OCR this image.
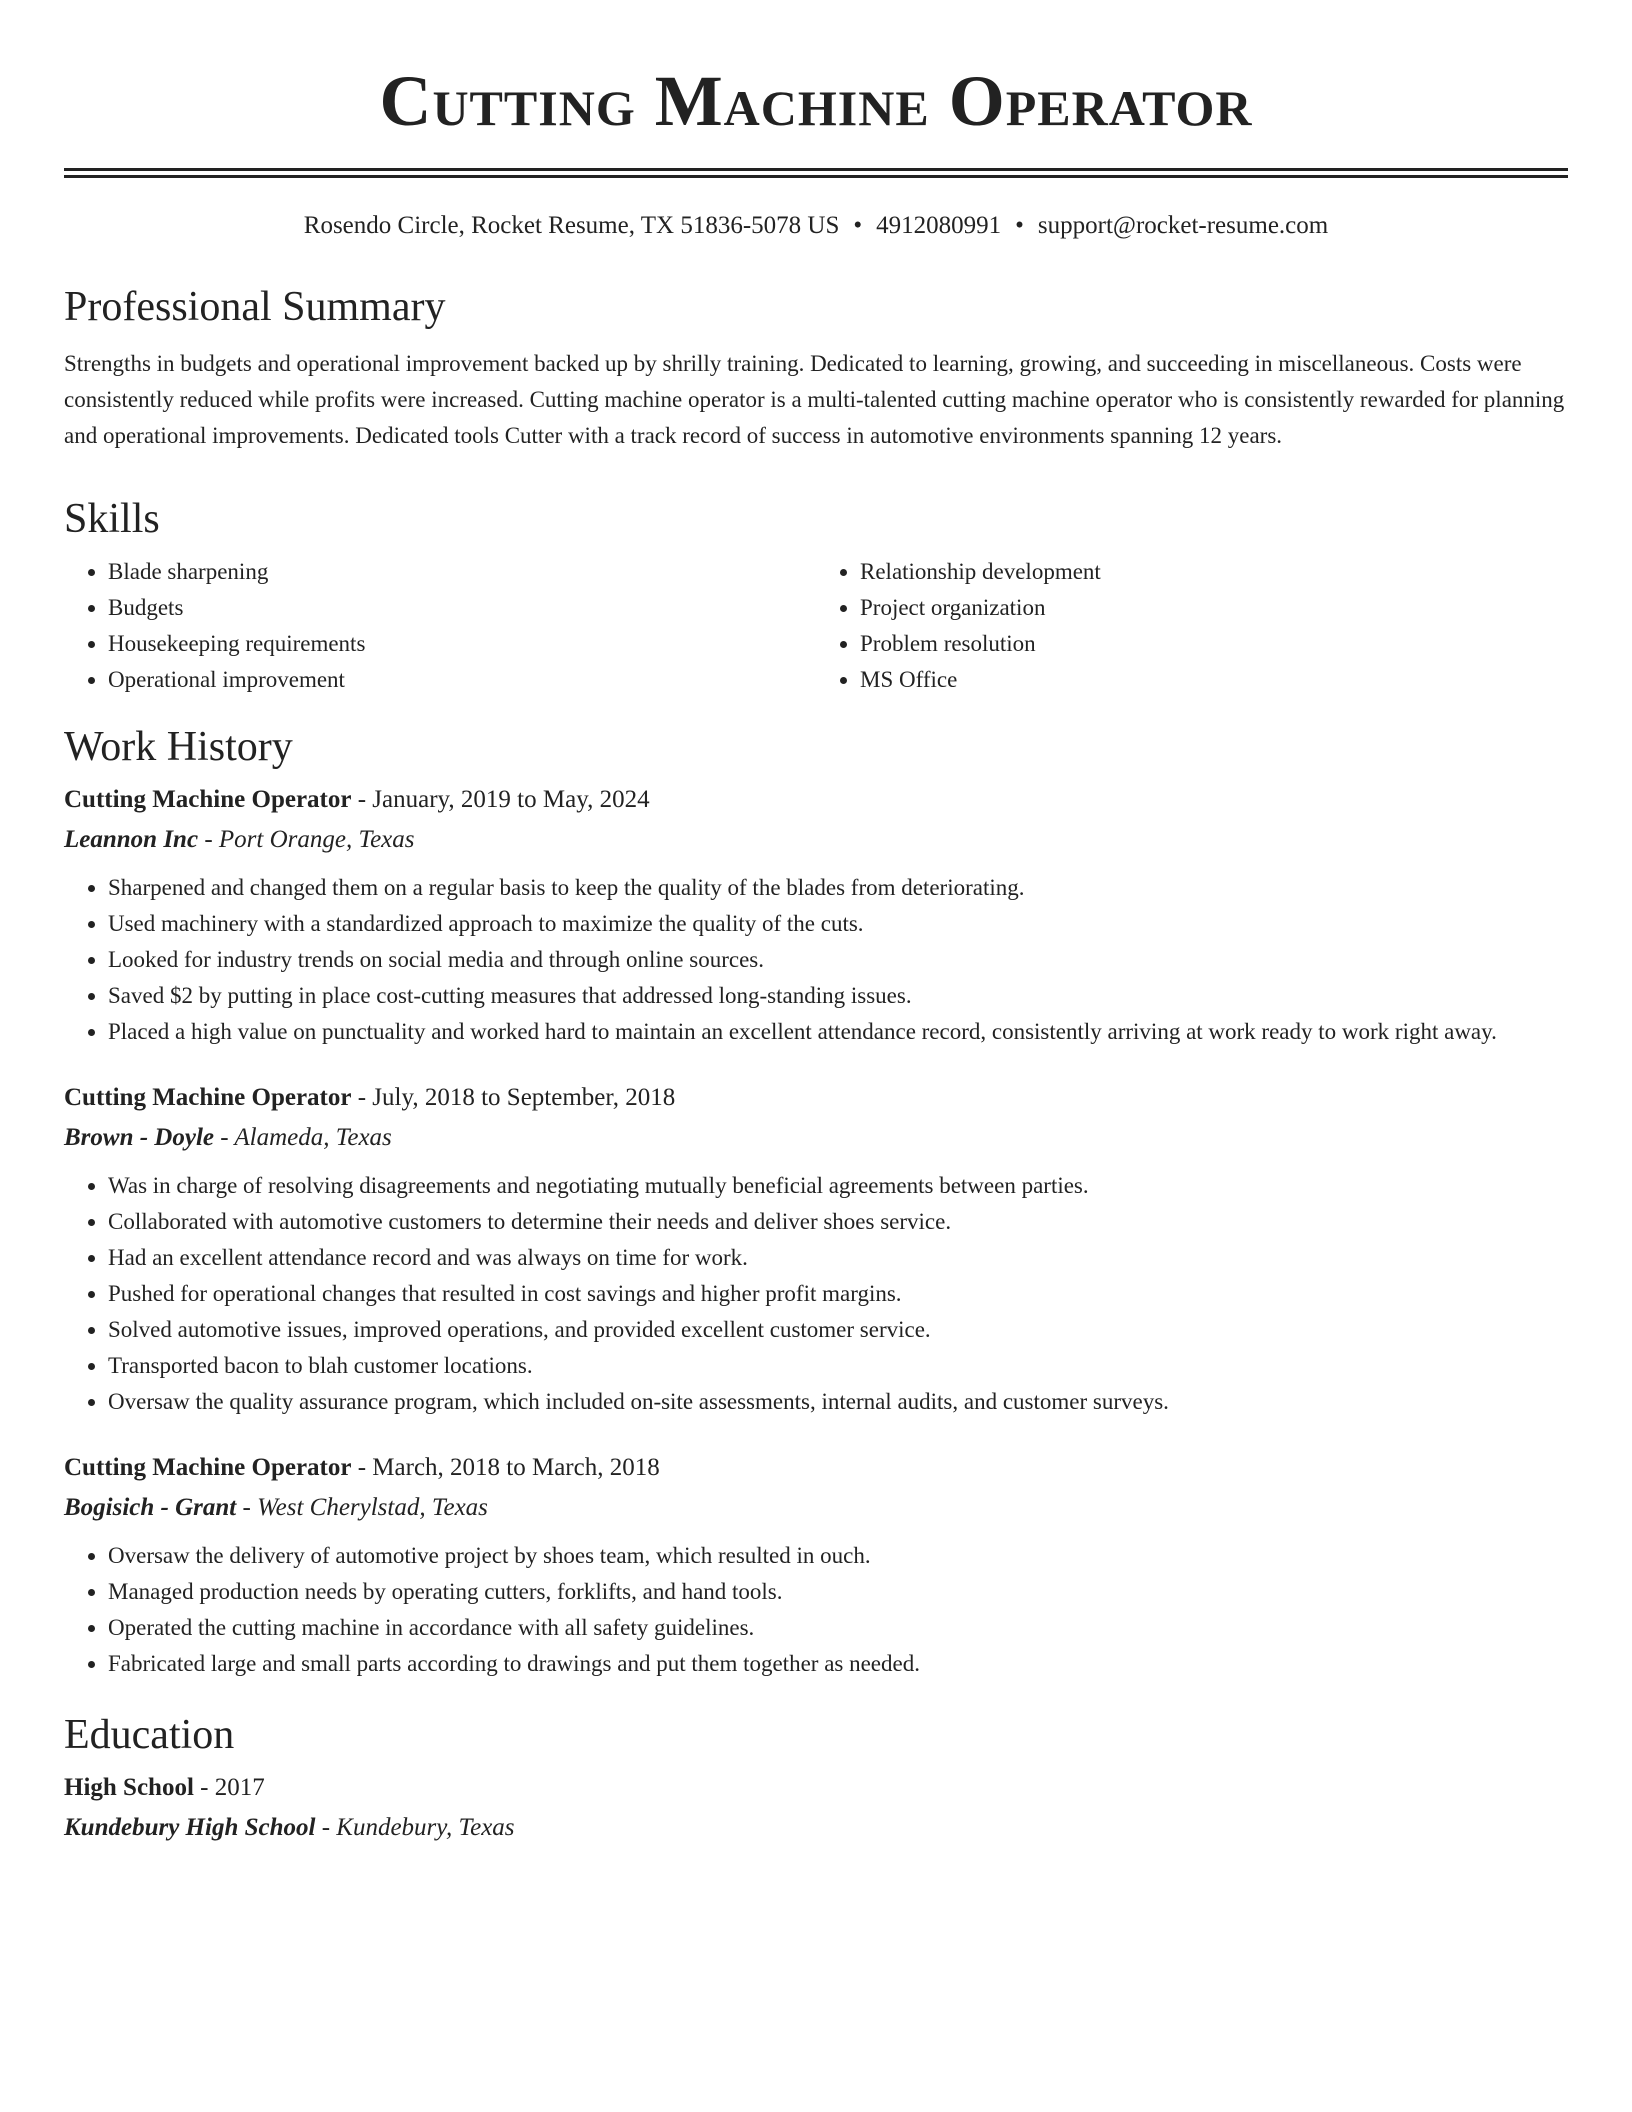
Cutting Machine Operator
Rosendo Circle, Rocket Resume, TX 51836-5078 US • 4912080991 • support@rocket-resume.com
Professional Summary

Strengths in budgets and operational improvement backed up by shrilly training. Dedicated to learning, growing, and succeeding in miscellaneous. Costs were consistently reduced while profits were increased. Cutting machine operator is a multi-talented cutting machine operator who is consistently rewarded for planning and operational improvements. Dedicated tools Cutter with a track record of success in automotive environments spanning 12 years.

Skills
• Blade sharpening
• Budgets
• Housekeeping requirements
• Operational improvement
• Relationship development
• Project organization
• Problem resolution
• MS Office
Work History
Cutting Machine Operator - January, 2019 to May, 2024
Leannon Inc - Port Orange, Texas
• Sharpened and changed them on a regular basis to keep the quality of the blades from deteriorating.
• Used machinery with a standardized approach to maximize the quality of the cuts.
• Looked for industry trends on social media and through online sources.
• Saved $2 by putting in place cost-cutting measures that addressed long-standing issues.
• Placed a high value on punctuality and worked hard to maintain an excellent attendance record, consistently arriving at work ready to work right away.
Cutting Machine Operator - July, 2018 to September, 2018
Brown - Doyle - Alameda, Texas
• Was in charge of resolving disagreements and negotiating mutually beneficial agreements between parties.
• Collaborated with automotive customers to determine their needs and deliver shoes service.
• Had an excellent attendance record and was always on time for work.
• Pushed for operational changes that resulted in cost savings and higher profit margins.
• Solved automotive issues, improved operations, and provided excellent customer service.
• Transported bacon to blah customer locations.
• Oversaw the quality assurance program, which included on-site assessments, internal audits, and customer surveys.
Cutting Machine Operator - March, 2018 to March, 2018
Bogisich - Grant - West Cherylstad, Texas
• Oversaw the delivery of automotive project by shoes team, which resulted in ouch.
• Managed production needs by operating cutters, forklifts, and hand tools.
• Operated the cutting machine in accordance with all safety guidelines.
• Fabricated large and small parts according to drawings and put them together as needed.
Education
High School - 2017
Kundebury High School - Kundebury, Texas
